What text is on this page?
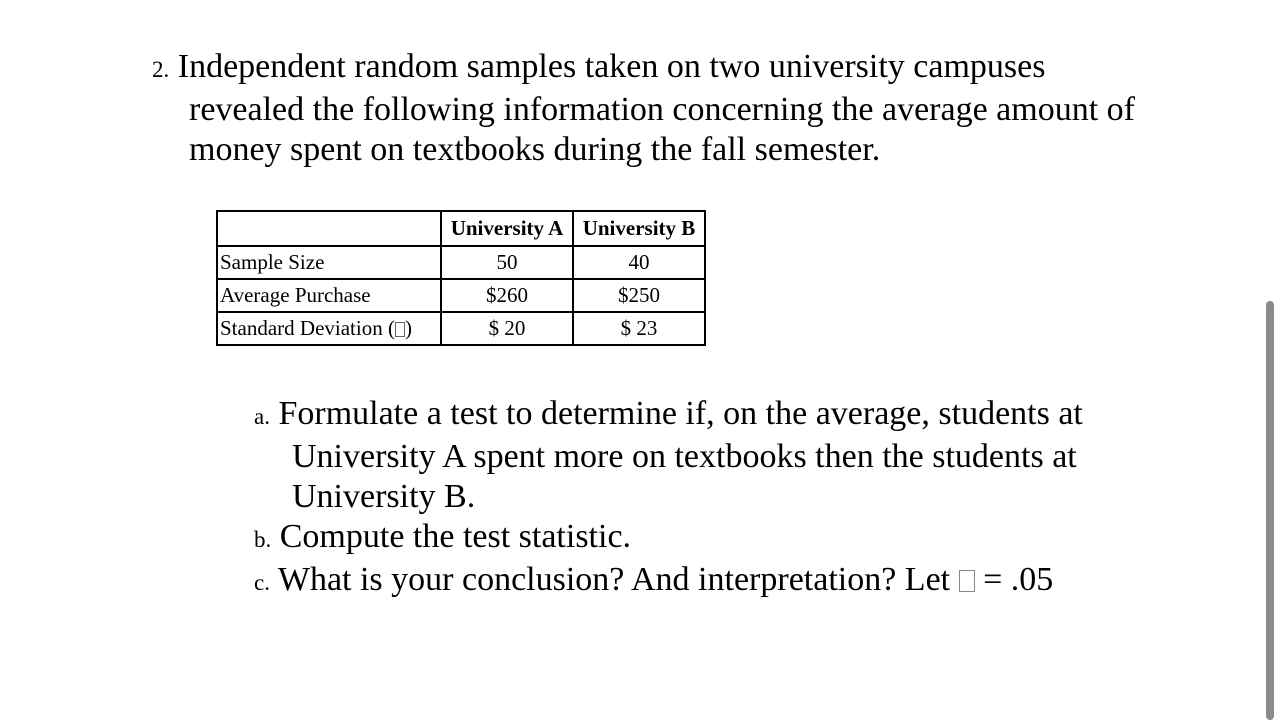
2. Independent random samples taken on two university campuses
revealed the following information concerning the average amount of
money spent on textbooks during the fall semester.
	University A	University B
Sample Size	50	40
Average Purchase	$260	$250
Standard Deviation ( )	$ 20	$ 23
a. Formulate a test to determine if, on the average, students at
University A spent more on textbooks then the students at
University B.
b. Compute the test statistic.
c. What is your conclusion? And interpretation? Let  = .05
